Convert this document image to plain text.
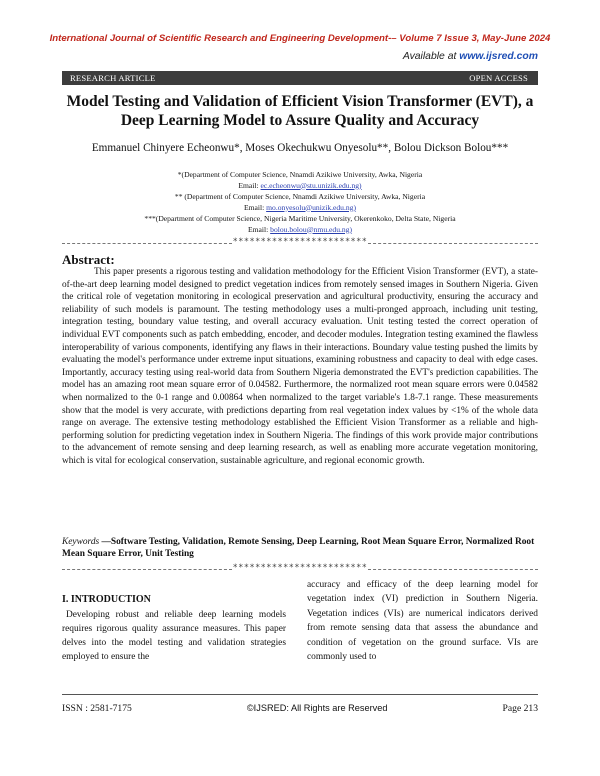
International Journal of Scientific Research and Engineering Development-– Volume 7 Issue 3, May-June 2024
Available at www.ijsred.com
RESEARCH ARTICLE	OPEN ACCESS
Model Testing and Validation of Efficient Vision Transformer (EVT), a Deep Learning Model to Assure Quality and Accuracy
Emmanuel Chinyere Echeonwu*, Moses Okechukwu Onyesolu**, Bolou Dickson Bolou***
*(Department of Computer Science, Nnamdi Azikiwe University, Awka, Nigeria
Email: ec.echeonwu@stu.unizik.edu.ng)
** (Department of Computer Science, Nnamdi Azikiwe University, Awka, Nigeria
Email: mo.onyesolu@unizik.edu.ng)
***(Department of Computer Science, Nigeria Maritime University, Okerenkoko, Delta State, Nigeria
Email: bolou.bolou@nmu.edu.ng)
************************
Abstract:
This paper presents a rigorous testing and validation methodology for the Efficient Vision Transformer (EVT), a state-of-the-art deep learning model designed to predict vegetation indices from remotely sensed images in Southern Nigeria. Given the critical role of vegetation monitoring in ecological preservation and agricultural productivity, ensuring the accuracy and reliability of such models is paramount. The testing methodology uses a multi-pronged approach, including unit testing, integration testing, boundary value testing, and overall accuracy evaluation. Unit testing tested the correct operation of individual EVT components such as patch embedding, encoder, and decoder modules. Integration testing examined the flawless interoperability of various components, identifying any flaws in their interactions. Boundary value testing pushed the limits by evaluating the model's performance under extreme input situations, examining robustness and capacity to deal with edge cases. Importantly, accuracy testing using real-world data from Southern Nigeria demonstrated the EVT's prediction capabilities. The model has an amazing root mean square error of 0.04582. Furthermore, the normalized root mean square errors were 0.04582 when normalized to the 0-1 range and 0.00864 when normalized to the target variable's 1.8-7.1 range. These measurements show that the model is very accurate, with predictions departing from real vegetation index values by <1% of the whole data range on average. The extensive testing methodology established the Efficient Vision Transformer as a reliable and high-performing solution for predicting vegetation index in Southern Nigeria. The findings of this work provide major contributions to the advancement of remote sensing and deep learning research, as well as enabling more accurate vegetation monitoring, which is vital for ecological conservation, sustainable agriculture, and regional economic growth.
Keywords —Software Testing, Validation, Remote Sensing, Deep Learning, Root Mean Square Error, Normalized Root Mean Square Error, Unit Testing
************************
I. INTRODUCTION
Developing robust and reliable deep learning models requires rigorous quality assurance measures. This paper delves into the model testing and validation strategies employed to ensure the
accuracy and efficacy of the deep learning model for vegetation index (VI) prediction in Southern Nigeria. Vegetation indices (VIs) are numerical indicators derived from remote sensing data that assess the abundance and condition of vegetation on the ground surface. VIs are commonly used to
ISSN : 2581-7175	©IJSRED: All Rights are Reserved	Page 213
